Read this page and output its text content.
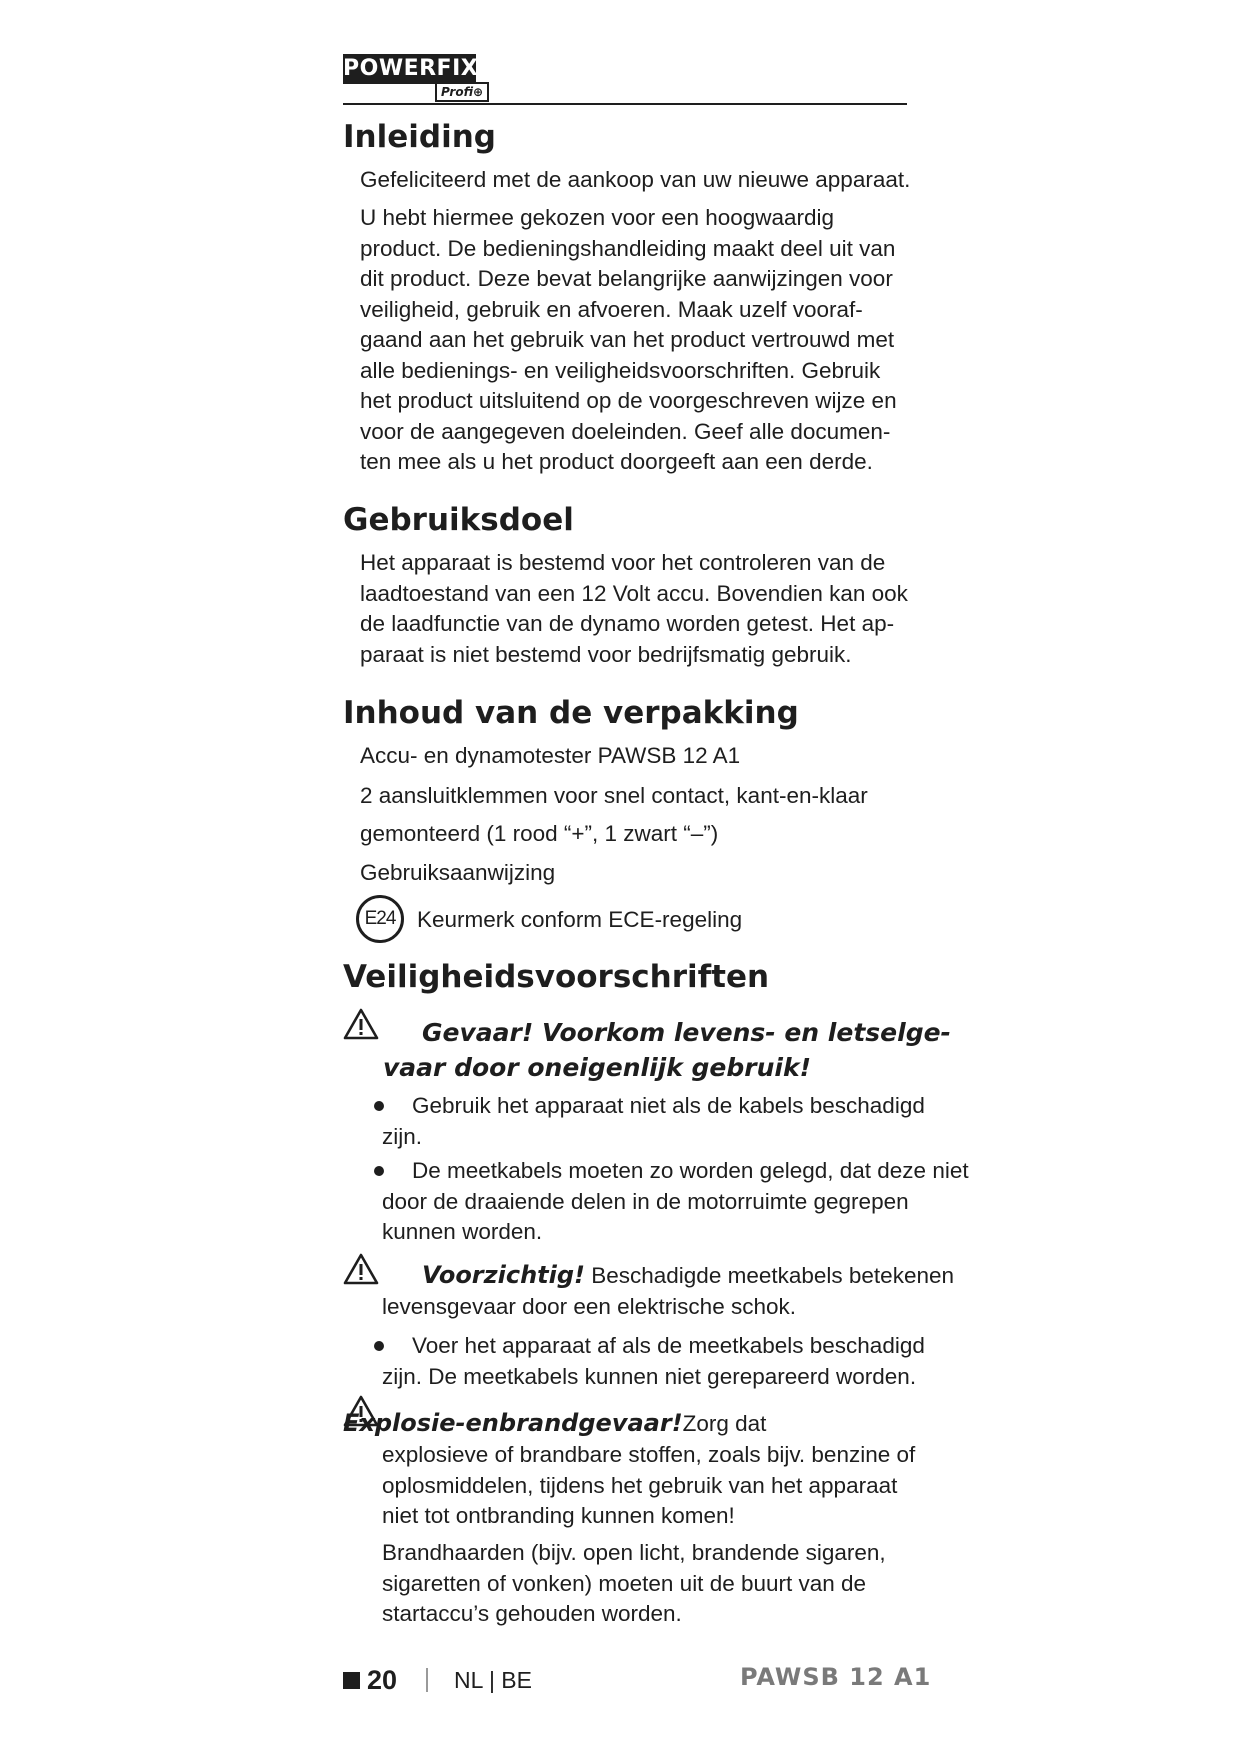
POWERFIX
Profi⊕
Inleiding

Gefeliciteerd met de aankoop van uw nieuwe apparaat.

U hebt hiermee gekozen voor een hoogwaardig
product. De bedieningshandleiding maakt deel uit van
dit product. Deze bevat belangrijke aanwijzingen voor
veiligheid, gebruik en afvoeren. Maak uzelf vooraf-
gaand aan het gebruik van het product vertrouwd met
alle bedienings- en veiligheidsvoorschriften. Gebruik
het product uitsluitend op de voorgeschreven wijze en
voor de aangegeven doeleinden. Geef alle documen-
ten mee als u het product doorgeeft aan een derde.

Gebruiksdoel

Het apparaat is bestemd voor het controleren van de
laadtoestand van een 12 Volt accu. Bovendien kan ook
de laadfunctie van de dynamo worden getest. Het ap-
paraat is niet bestemd voor bedrijfsmatig gebruik.

Inhoud van de verpakking

Accu- en dynamotester PAWSB 12 A1

2 aansluitklemmen voor snel contact, kant-en-klaar
gemonteerd (1 rood “+”, 1 zwart “–”)

Gebruiksaanwijzing

E24 Keurmerk conform ECE-regeling

Veiligheidsvoorschriften

Gevaar! Voorkom levens- en letselge-

vaar door oneigenlijk gebruik!

Gebruik het apparaat niet als de kabels beschadigd
zijn.

De meetkabels moeten zo worden gelegd, dat deze niet
door de draaiende delen in de motorruimte gegrepen
kunnen worden.

Voorzichtig! Beschadigde meetkabels betekenen

levensgevaar door een elektrische schok.

Voer het apparaat af als de meetkabels beschadigd
zijn. De meetkabels kunnen niet gerepareerd worden.

Explosie-enbrandgevaar!Zorg dat

explosieve of brandbare stoffen, zoals bijv. benzine of
oplosmiddelen, tijdens het gebruik van het apparaat
niet tot ontbranding kunnen komen!

Brandhaarden (bijv. open licht, brandende sigaren,
sigaretten of vonken) moeten uit de buurt van de
startaccu’s gehouden worden.

20 NL | BE	PAWSB 12 A1
